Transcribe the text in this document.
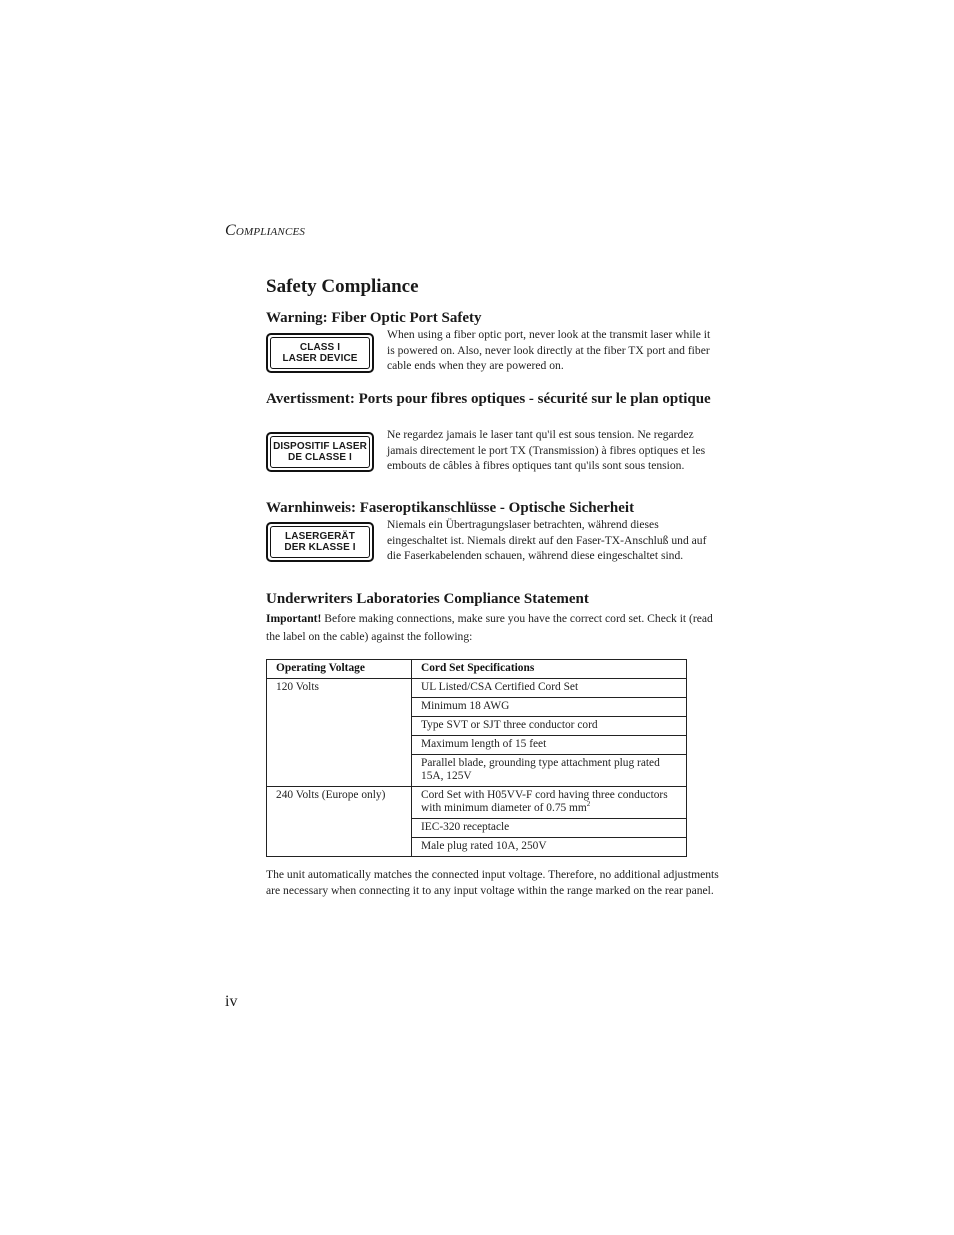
COMPLIANCES
Safety Compliance
Warning: Fiber Optic Port Safety
CLASS I
LASER DEVICE
When using a fiber optic port, never look at the transmit laser while it is powered on. Also, never look directly at the fiber TX port and fiber cable ends when they are powered on.
Avertissment: Ports pour fibres optiques - sécurité sur le plan optique
DISPOSITIF LASER
DE CLASSE I
Ne regardez jamais le laser tant qu'il est sous tension. Ne regardez jamais directement le port TX (Transmission) à fibres optiques et les embouts de câbles à fibres optiques tant qu'ils sont sous tension.
Warnhinweis: Faseroptikanschlüsse - Optische Sicherheit
LASERGERÄT
DER KLASSE I
Niemals ein Übertragungslaser betrachten, während dieses eingeschaltet ist. Niemals direkt auf den Faser-TX-Anschluß und auf die Faserkabelenden schauen, während diese eingeschaltet sind.
Underwriters Laboratories Compliance Statement
Important! Before making connections, make sure you have the correct cord set. Check it (read the label on the cable) against the following:
Operating Voltage	Cord Set Specifications
120 Volts	UL Listed/CSA Certified Cord Set
	Minimum 18 AWG
	Type SVT or SJT three conductor cord
	Maximum length of 15 feet
	Parallel blade, grounding type attachment plug rated 15A, 125V
240 Volts (Europe only)	Cord Set with H05VV-F cord having three conductors with minimum diameter of 0.75 $mm^2$
	IEC-320 receptacle
	Male plug rated 10A, 250V
The unit automatically matches the connected input voltage. Therefore, no additional adjustments are necessary when connecting it to any input voltage within the range marked on the rear panel.
iv
